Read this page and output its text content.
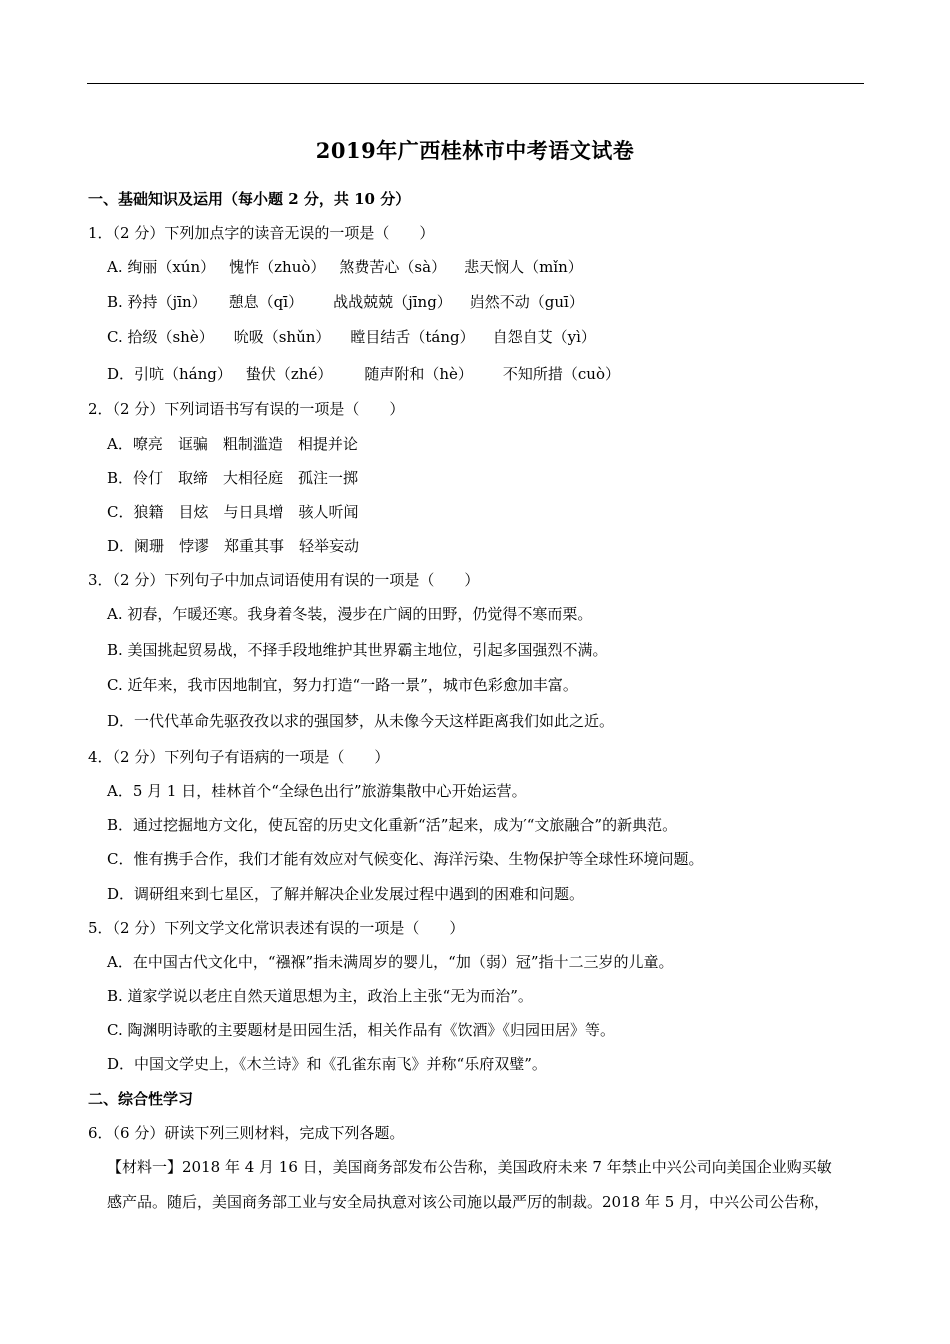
2019年广西桂林市中考语文试卷
一、基础知识及运用（每小题 2 分，共 10 分）
1．（2 分）下列加点字的读音无误的一项是（　　）
A. 绚丽（xún） 愧怍（zhuò） 煞费苦心（sà） 悲天悯人（mǐn）
B. 矜持（jīn） 憩息（qī） 战战兢兢（jīng） 岿然不动（guī）
C. 拾级（shè） 吮吸（shǔn） 瞠目结舌（táng） 自怨自艾（yì）
D．引吭（háng） 蛰伏（zhé） 随声附和（hè） 不知所措（cuò）
2．（2 分）下列词语书写有误的一项是（　　）
A．嘹亮　诓骗　粗制滥造　相提并论
B．伶仃　取缔　大相径庭　孤注一掷
C．狼籍　目炫　与日具增　骇人听闻
D．阑珊　悖谬　郑重其事　轻举妄动
3．（2 分）下列句子中加点词语使用有误的一项是（　　）
A. 初春，乍暖还寒。我身着冬装，漫步在广阔的田野，仍觉得不寒而栗。
B. 美国挑起贸易战，不择手段地维护其世界霸主地位，引起多国强烈不满。
C. 近年来，我市因地制宜，努力打造“一路一景”，城市色彩愈加丰富。
D．一代代革命先驱孜孜以求的强国梦，从未像今天这样距离我们如此之近。
4．（2 分）下列句子有语病的一项是（　　）
A．5 月 1 日，桂林首个“全绿色出行”旅游集散中心开始运营。
B．通过挖掘地方文化，使瓦窑的历史文化重新“活”起来，成为′“文旅融合”的新典范。
C．惟有携手合作，我们才能有效应对气候变化、海洋污染、生物保护等全球性环境问题。
D．调研组来到七星区，了解并解决企业发展过程中遇到的困难和问题。
5．（2 分）下列文学文化常识表述有误的一项是（　　）
A．在中国古代文化中，“襁褓”指未满周岁的婴儿，“加（弱）冠”指十二三岁的儿童。
B. 道家学说以老庄自然天道思想为主，政治上主张“无为而治”。
C. 陶渊明诗歌的主要题材是田园生活，相关作品有《饮酒》《归园田居》等。
D．中国文学史上，《木兰诗》和《孔雀东南飞》并称“乐府双璧”。
二、综合性学习
6．（6 分）研读下列三则材料，完成下列各题。
【材料一】2018 年 4 月 16 日，美国商务部发布公告称，美国政府未来 7 年禁止中兴公司向美国企业购买敏
感产品。随后，美国商务部工业与安全局执意对该公司施以最严厉的制裁。2018 年 5 月，中兴公司公告称，
